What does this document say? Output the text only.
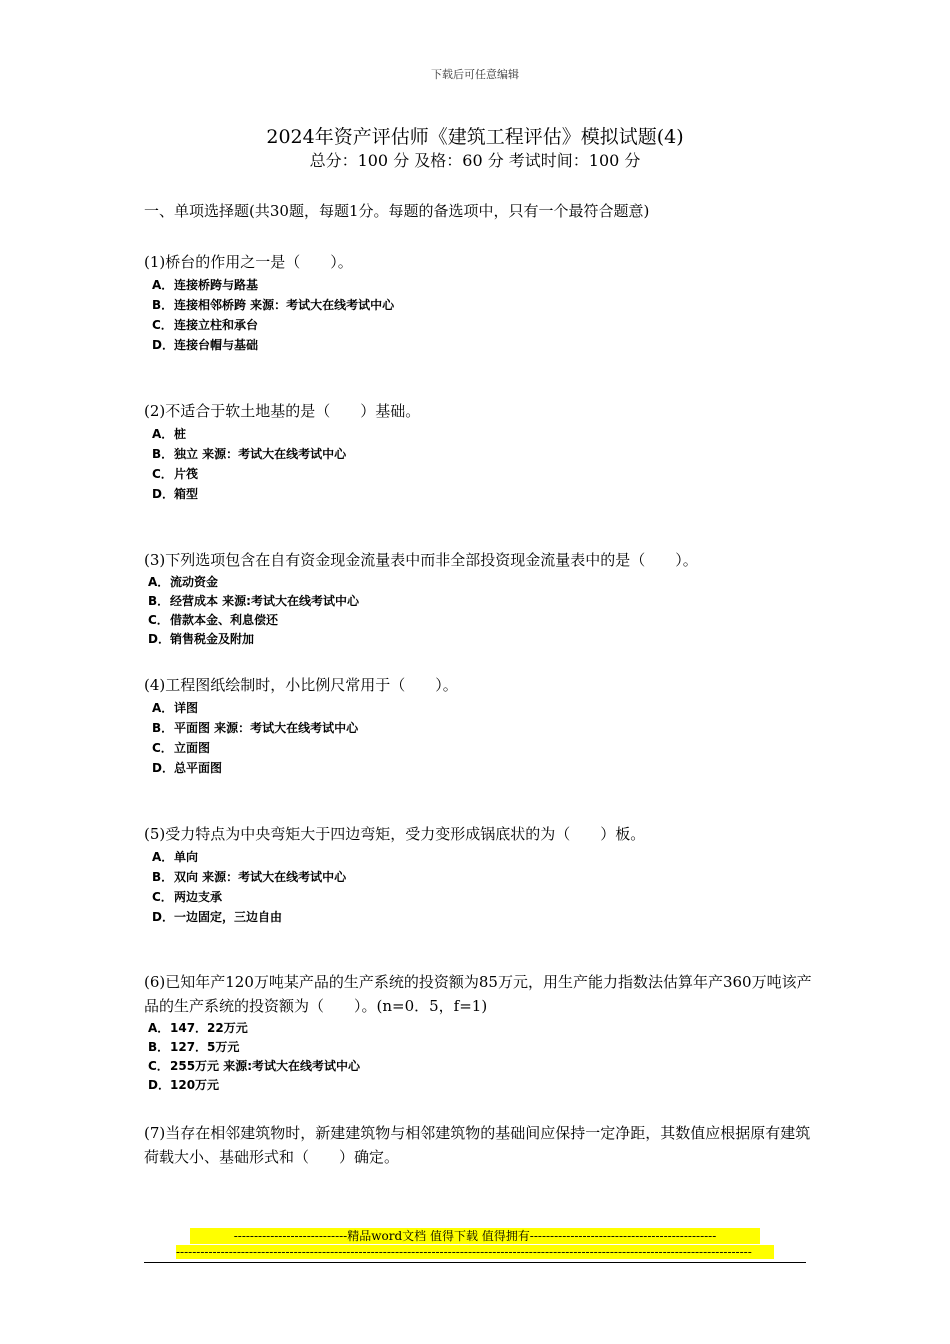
下载后可任意编辑
2024年资产评估师《建筑工程评估》模拟试题(4)
总分：100 分 及格：60 分 考试时间：100 分
一、单项选择题(共30题，每题1分。每题的备选项中，只有一个最符合题意)
(1)桥台的作用之一是（　　）。
A．连接桥跨与路基
B．连接相邻桥跨 来源：考试大在线考试中心
C．连接立柱和承台
D．连接台帽与基础
(2)不适合于软土地基的是（　　）基础。
A．桩
B．独立 来源：考试大在线考试中心
C．片筏
D．箱型
(3)下列选项包含在自有资金现金流量表中而非全部投资现金流量表中的是（　　）。
A．流动资金
B．经营成本 来源:考试大在线考试中心
C．借款本金、利息偿还
D．销售税金及附加
(4)工程图纸绘制时，小比例尺常用于（　　）。
A．详图
B．平面图 来源：考试大在线考试中心
C．立面图
D．总平面图
(5)受力特点为中央弯矩大于四边弯矩，受力变形成锅底状的为（　　）板。
A．单向
B．双向 来源：考试大在线考试中心
C．两边支承
D．一边固定，三边自由
(6)已知年产120万吨某产品的生产系统的投资额为85万元，用生产能力指数法估算年产360万吨该产品的生产系统的投资额为（　　）。(n=0．5，f=1)
A．147．22万元
B．127．5万元
C．255万元 来源:考试大在线考试中心
D．120万元
(7)当存在相邻建筑物时，新建建筑物与相邻建筑物的基础间应保持一定净距，其数值应根据原有建筑荷载大小、基础形式和（　　）确定。
----------------------------精品word文档 值得下载 值得拥有----------------------------------------------
----------------------------------------------------------------------------------------------------------------------------------------------
